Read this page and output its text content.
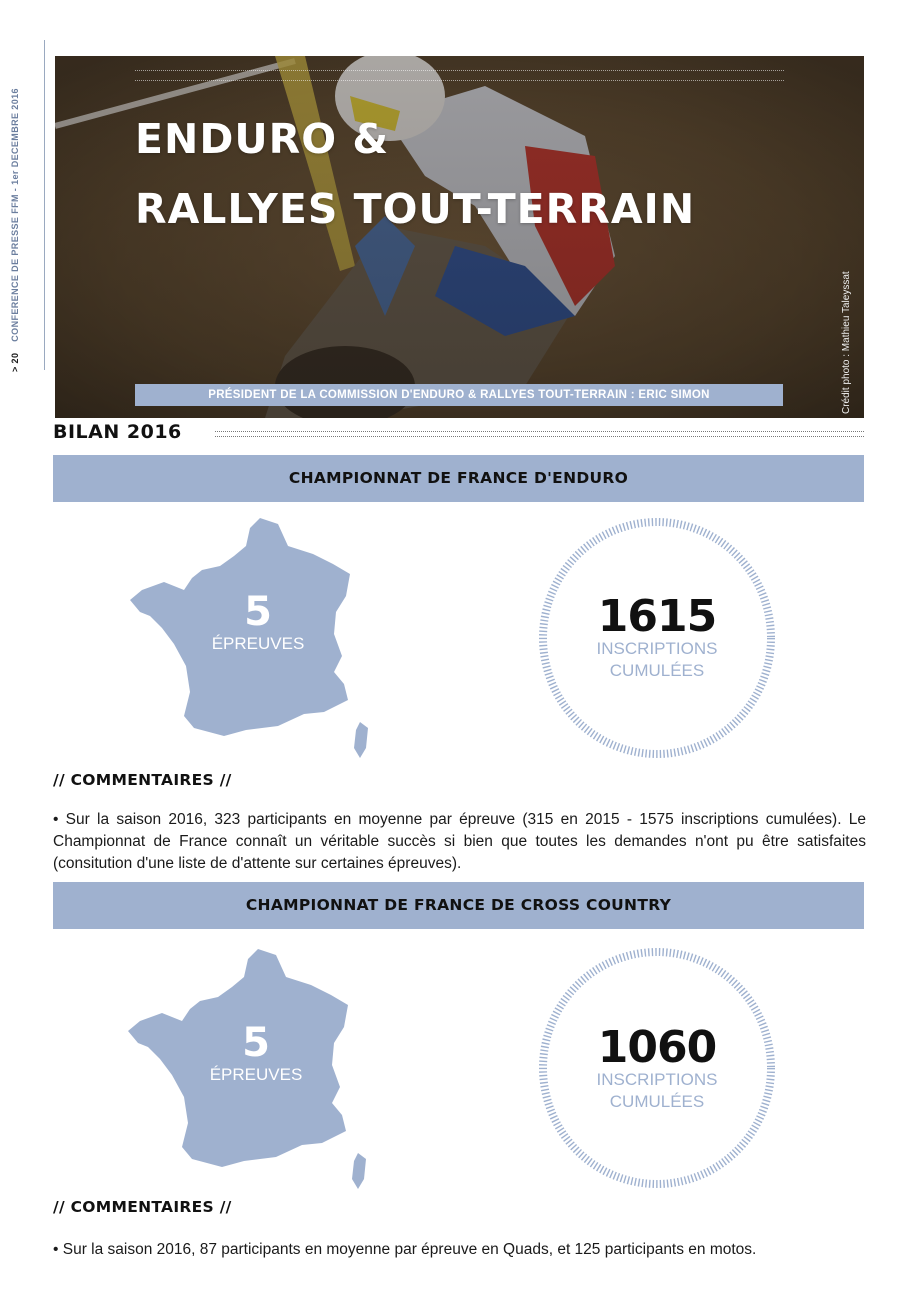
> 20 CONFERENCE DE PRESSE FFM - 1er DECEMBRE 2016	ENDURO &
RALLYES TOUT-TERRAIN
PRÉSIDENT DE LA COMMISSION D'ENDURO & RALLYES TOUT-TERRAIN : ERIC SIMON	Crédit photo : Mathieu Taleyssat
BILAN 2016
CHAMPIONNAT DE FRANCE D'ENDURO
5
ÉPREUVES
1615
INSCRIPTIONS
CUMULÉES
// COMMENTAIRES //
• Sur la saison 2016, 323 participants en moyenne par épreuve (315 en 2015 - 1575 inscriptions cumulées). Le Championnat de France connaît un véritable succès si bien que toutes les demandes n'ont pu être satisfaites (consitution d'une liste de d'attente sur certaines épreuves).
CHAMPIONNAT DE FRANCE DE CROSS COUNTRY
5
ÉPREUVES
1060
INSCRIPTIONS
CUMULÉES
// COMMENTAIRES //
• Sur la saison 2016, 87 participants en moyenne par épreuve en Quads, et 125 participants en motos.
